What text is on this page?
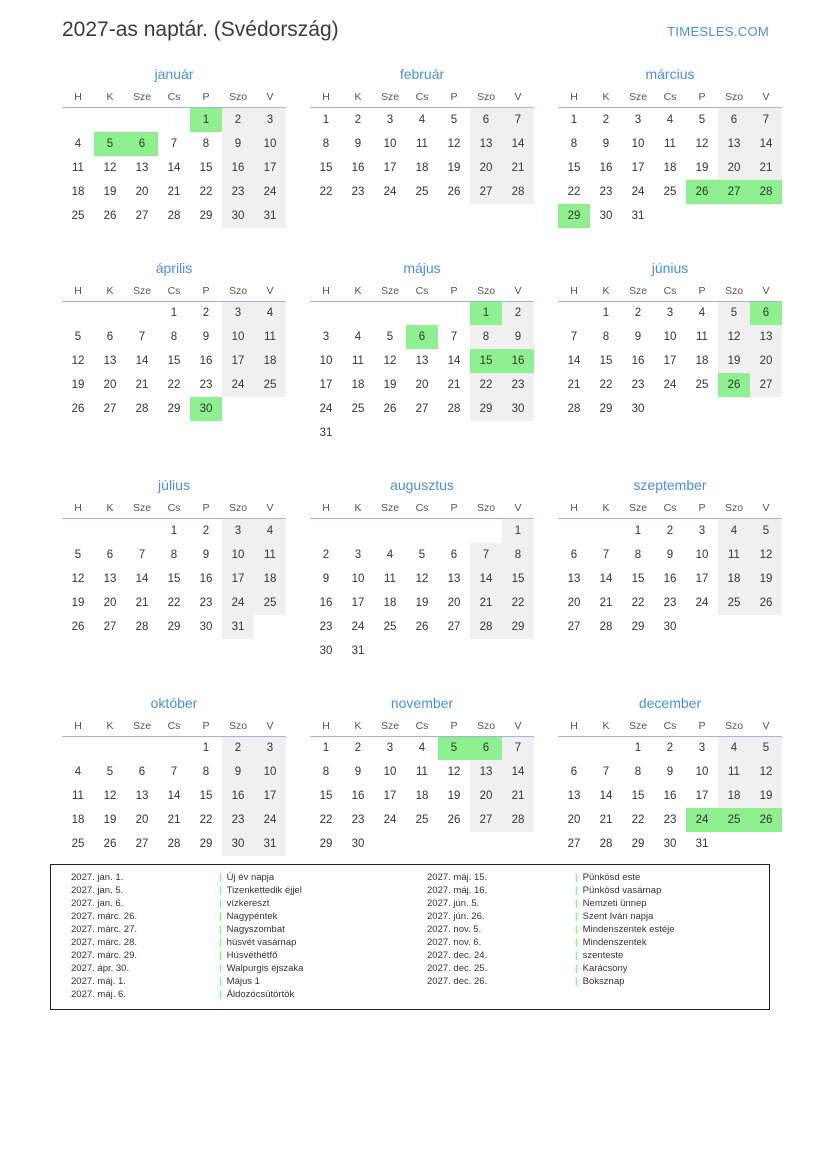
2027-as naptár. (Svédország)	TIMESLES.COM
január
H	K	Sze	Cs	P	Szo	V
				1	2	3
4	5	6	7	8	9	10
11	12	13	14	15	16	17
18	19	20	21	22	23	24
25	26	27	28	29	30	31
február
H	K	Sze	Cs	P	Szo	V
1	2	3	4	5	6	7
8	9	10	11	12	13	14
15	16	17	18	19	20	21
22	23	24	25	26	27	28
március
H	K	Sze	Cs	P	Szo	V
1	2	3	4	5	6	7
8	9	10	11	12	13	14
15	16	17	18	19	20	21
22	23	24	25	26	27	28
29	30	31				
április
H	K	Sze	Cs	P	Szo	V
			1	2	3	4
5	6	7	8	9	10	11
12	13	14	15	16	17	18
19	20	21	22	23	24	25
26	27	28	29	30		
május
H	K	Sze	Cs	P	Szo	V
					1	2
3	4	5	6	7	8	9
10	11	12	13	14	15	16
17	18	19	20	21	22	23
24	25	26	27	28	29	30
31						
június
H	K	Sze	Cs	P	Szo	V
	1	2	3	4	5	6
7	8	9	10	11	12	13
14	15	16	17	18	19	20
21	22	23	24	25	26	27
28	29	30				
július
H	K	Sze	Cs	P	Szo	V
			1	2	3	4
5	6	7	8	9	10	11
12	13	14	15	16	17	18
19	20	21	22	23	24	25
26	27	28	29	30	31	
augusztus
H	K	Sze	Cs	P	Szo	V
						1
2	3	4	5	6	7	8
9	10	11	12	13	14	15
16	17	18	19	20	21	22
23	24	25	26	27	28	29
30	31					
szeptember
H	K	Sze	Cs	P	Szo	V
		1	2	3	4	5
6	7	8	9	10	11	12
13	14	15	16	17	18	19
20	21	22	23	24	25	26
27	28	29	30			
október
H	K	Sze	Cs	P	Szo	V
				1	2	3
4	5	6	7	8	9	10
11	12	13	14	15	16	17
18	19	20	21	22	23	24
25	26	27	28	29	30	31
november
H	K	Sze	Cs	P	Szo	V
1	2	3	4	5	6	7
8	9	10	11	12	13	14
15	16	17	18	19	20	21
22	23	24	25	26	27	28
29	30					
december
H	K	Sze	Cs	P	Szo	V
		1	2	3	4	5
6	7	8	9	10	11	12
13	14	15	16	17	18	19
20	21	22	23	24	25	26
27	28	29	30	31		
2027. jan. 1.	| Új év napja
2027. jan. 5.	| Tizenkettedik éjjel
2027. jan. 6.	| vízkereszt
2027. márc. 26.	| Nagypéntek
2027. márc. 27.	| Nagyszombat
2027. márc. 28.	| húsvét vasárnap
2027. márc. 29.	| Húsvéthétfő
2027. ápr. 30.	| Walpurgis éjszaka
2027. máj. 1.	| Május 1
2027. máj. 6.	| Áldozócsütörtök
2027. máj. 15.	| Pünkösd este
2027. máj. 16.	| Pünkösd vasárnap
2027. jún. 5.	| Nemzeti ünnep
2027. jún. 26.	| Szent Iván napja
2027. nov. 5.	| Mindenszentek estéje
2027. nov. 6.	| Mindenszentek
2027. dec. 24.	| szenteste
2027. dec. 25.	| Karácsony
2027. dec. 26.	| Boksznap
